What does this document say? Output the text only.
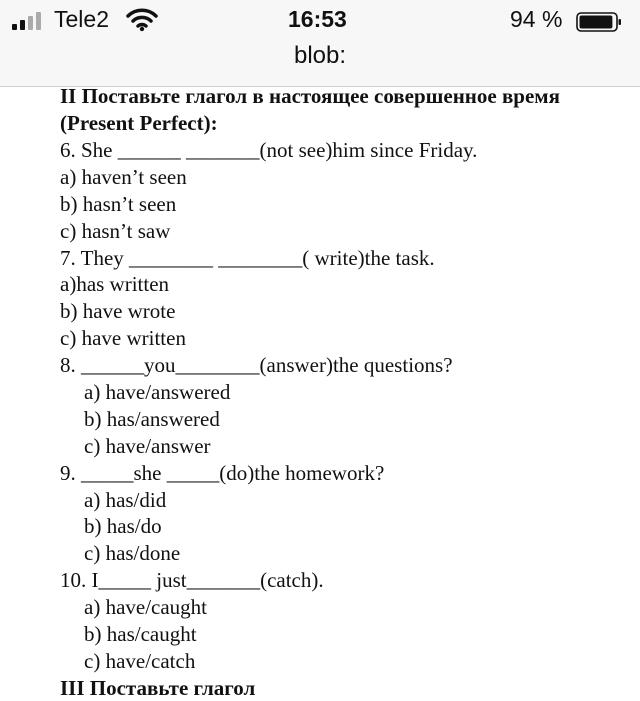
Tele2	16:53	94 %
blob:
II Поставьте глагол в настоящее совершенное время
(Present Perfect):
6. She ______ _______(not see)him since Friday.
a) haven’t seen
b) hasn’t seen
c) hasn’t saw
7. They ________ ________( write)the task.
a)has written
b) have wrote
c) have written
8. ______you________(answer)the questions?
a) have/answered
b) has/answered
c) have/answer
9. _____she _____(do)the homework?
a) has/did
b) has/do
c) has/done
10. I_____ just_______(catch).
a) have/caught
b) has/caught
c) have/catch
III Поставьте глагол
